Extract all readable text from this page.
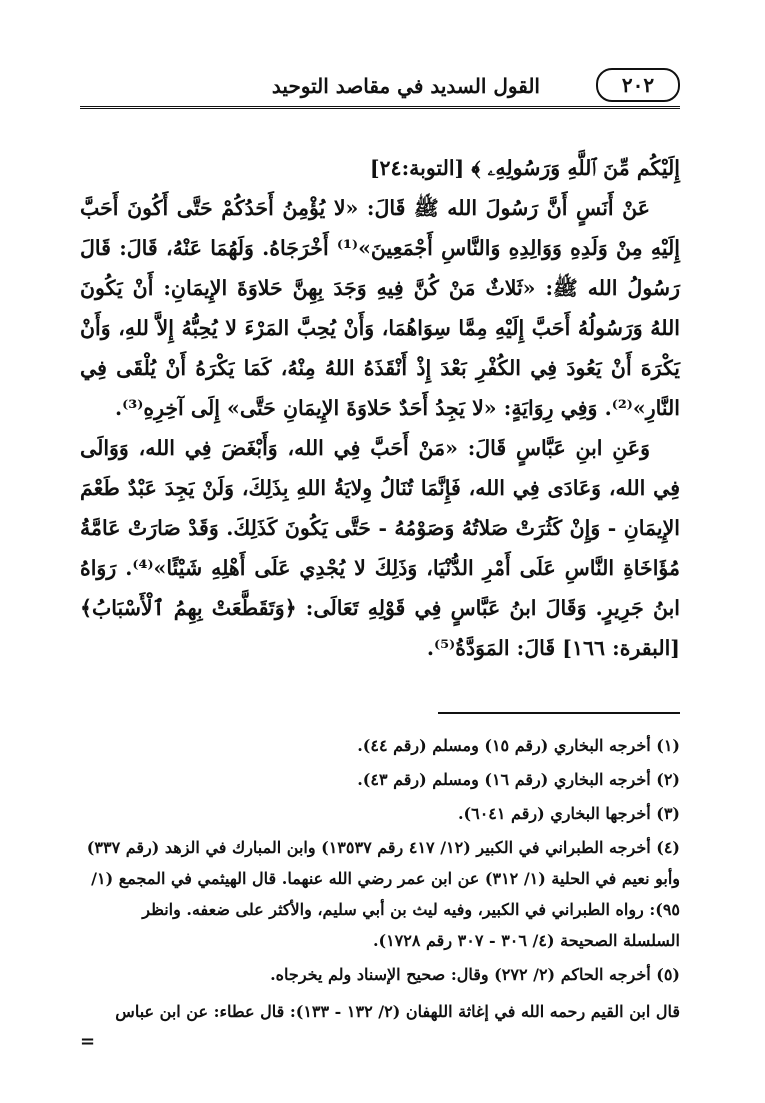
القول السديد في مقاصد التوحيد	٢٠٢

إِلَيْكُم مِّنَ ٱللَّهِ وَرَسُولِهِۦ ﴾ [التوبة:٢٤]

عَنْ أَنَسٍ أَنَّ رَسُولَ الله ﷺ قَالَ: «لا يُؤْمِنُ أَحَدُكُمْ حَتَّى أَكُونَ أَحَبَّ إِلَيْهِ مِنْ وَلَدِهِ وَوَالِدِهِ وَالنَّاسِ أَجْمَعِينَ»⁽¹⁾ أَخْرَجَاهُ. وَلَهُمَا عَنْهُ، قَالَ: قَالَ رَسُولُ الله ﷺ: «ثَلاثٌ مَنْ كُنَّ فِيهِ وَجَدَ بِهِنَّ حَلاوَةَ الإِيمَانِ: أَنْ يَكُونَ اللهُ وَرَسُولُهُ أَحَبَّ إِلَيْهِ مِمَّا سِوَاهُمَا، وَأَنْ يُحِبَّ المَرْءَ لا يُحِبُّهُ إِلاَّ للهِ، وَأَنْ يَكْرَهَ أَنْ يَعُودَ فِي الكُفْرِ بَعْدَ إِذْ أَنْقَذَهُ اللهُ مِنْهُ، كَمَا يَكْرَهُ أَنْ يُلْقَى فِي النَّارِ»⁽²⁾. وَفِي رِوَايَةٍ: «لا يَجِدُ أَحَدٌ حَلاوَةَ الإِيمَانِ حَتَّى» إِلَى آخِرِهِ⁽³⁾.

وَعَنِ ابنِ عَبَّاسٍ قَالَ: «مَنْ أَحَبَّ فِي الله، وَأَبْغَضَ فِي الله، وَوَالَى فِي الله، وَعَادَى فِي الله، فَإِنَّمَا تُنَالُ وِلايَةُ اللهِ بِذَلِكَ، وَلَنْ يَجِدَ عَبْدٌ طَعْمَ الإِيمَانِ - وَإِنْ كَثُرَتْ صَلاتُهُ وَصَوْمُهُ - حَتَّى يَكُونَ كَذَلِكَ. وَقَدْ صَارَتْ عَامَّةُ مُؤَاخَاةِ النَّاسِ عَلَى أَمْرِ الدُّنْيَا، وَذَلِكَ لا يُجْدِي عَلَى أَهْلِهِ شَيْئًا»⁽⁴⁾. رَوَاهُ ابنُ جَرِيرٍ. وَقَالَ ابنُ عَبَّاسٍ فِي قَوْلِهِ تَعَالَى: ﴿وَتَقَطَّعَتْ بِهِمُ ٱلْأَسْبَابُ﴾ [البقرة: ١٦٦] قَالَ: المَوَدَّةُ⁽⁵⁾.

(١) أخرجه البخاري (رقم ١٥) ومسلم (رقم ٤٤).
(٢) أخرجه البخاري (رقم ١٦) ومسلم (رقم ٤٣).
(٣) أخرجها البخاري (رقم ٦٠٤١).
(٤) أخرجه الطبراني في الكبير (١٢/ ٤١٧ رقم ١٣٥٣٧) وابن المبارك في الزهد (رقم ٣٣٧) وأبو نعيم في الحلية (١/ ٣١٢) عن ابن عمر رضي الله عنهما. قال الهيثمي في المجمع (١/ ٩٥): رواه الطبراني في الكبير، وفيه ليث بن أبي سليم، والأكثر على ضعفه. وانظر السلسلة الصحيحة (٤/ ٣٠٦ - ٣٠٧ رقم ١٧٢٨).
(٥) أخرجه الحاكم (٢/ ٢٧٢) وقال: صحيح الإسناد ولم يخرجاه.
قال ابن القيم رحمه الله في إغاثة اللهفان (٢/ ١٣٢ - ١٣٣): قال عطاء: عن ابن عباس
=
